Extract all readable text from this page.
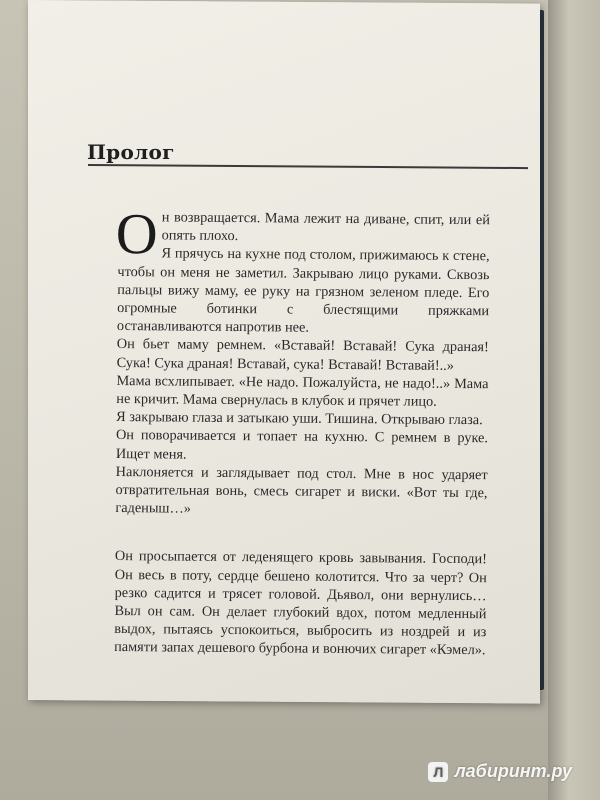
Пролог

Он возвращается. Мама лежит на диване, спит, или ей опять плохо.

Я прячусь на кухне под столом, прижимаюсь к стене, чтобы он меня не заметил. Закрываю лицо руками. Сквозь пальцы вижу маму, ее руку на грязном зеленом пледе. Его огромные ботинки с блестящими пряжками останавливаются напротив нее.

Он бьет маму ремнем. «Вставай! Вставай! Сука драная! Сука! Сука драная! Вставай, сука! Вставай! Вставай!..»

Мама всхлипывает. «Не надо. Пожалуйста, не надо!..» Мама не кричит. Мама свернулась в клубок и прячет лицо.

Я закрываю глаза и затыкаю уши. Тишина. Открываю глаза.

Он поворачивается и топает на кухню. С ремнем в руке. Ищет меня.

Наклоняется и заглядывает под стол. Мне в нос ударяет отвратительная вонь, смесь сигарет и виски. «Вот ты где, гаденыш…»

Он просыпается от леденящего кровь завывания. Господи! Он весь в поту, сердце бешено колотится. Что за черт? Он резко садится и трясет головой. Дьявол, они вернулись… Выл он сам. Он делает глубокий вдох, потом медленный выдох, пытаясь успокоиться, выбросить из ноздрей и из памяти запах дешевого бурбона и вонючих сигарет «Кэмел».

Л лабиринт.ру
